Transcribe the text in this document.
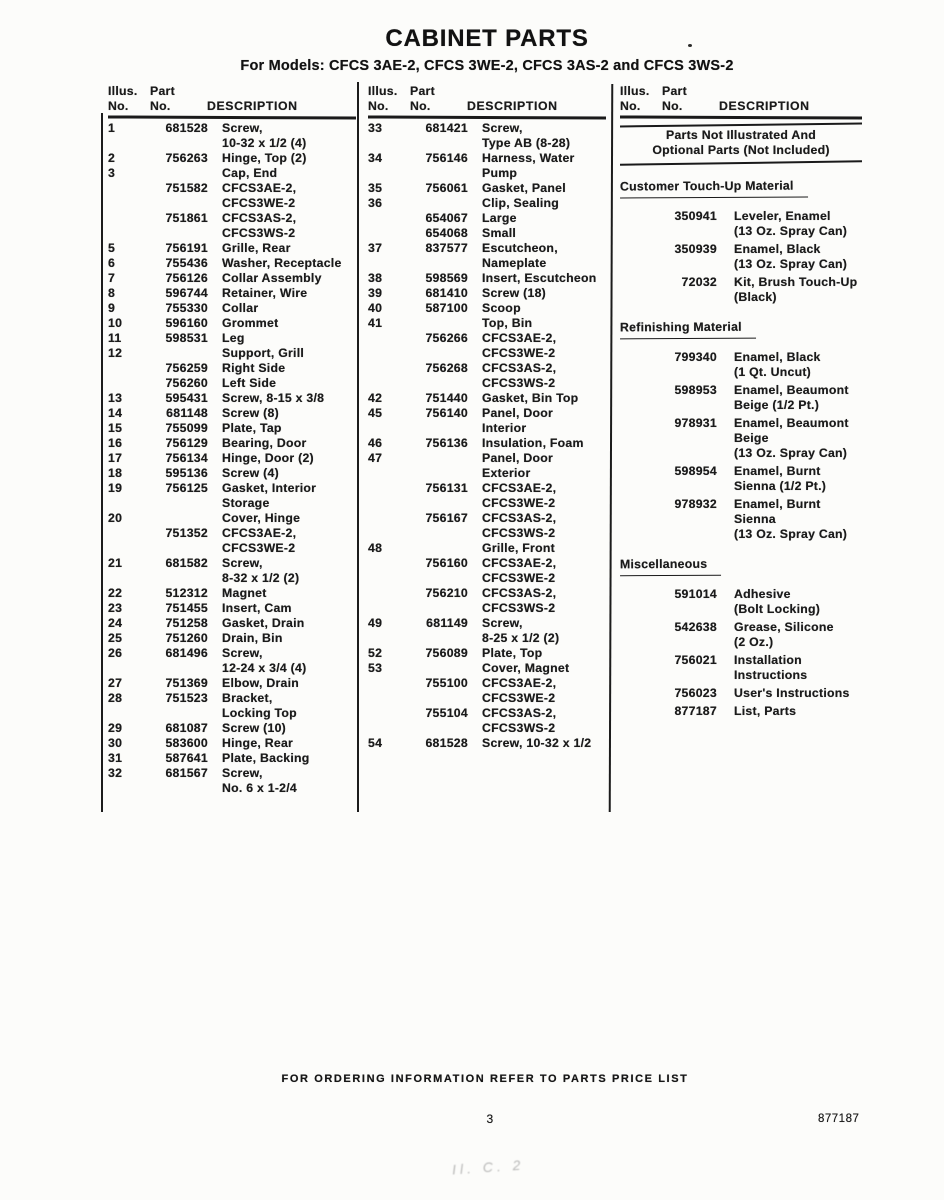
CABINET PARTS
For Models: CFCS 3AE-2, CFCS 3WE-2, CFCS 3AS-2 and CFCS 3WS-2
Illus.	Part
No.	No.	DESCRIPTION
1	681528 Screw,
10-32 x 1/2 (4)
2	756263 Hinge, Top (2)
3	Cap, End
751582 CFCS3AE-2,
CFCS3WE-2
751861 CFCS3AS-2,
CFCS3WS-2
5	756191 Grille, Rear
6	755436 Washer, Receptacle
7	756126 Collar Assembly
8	596744 Retainer, Wire
9	755330 Collar
10	596160 Grommet
11	598531 Leg
12	Support, Grill
756259 Right Side
756260 Left Side
13	595431 Screw, 8-15 x 3/8
14	681148 Screw (8)
15	755099 Plate, Tap
16	756129 Bearing, Door
17	756134 Hinge, Door (2)
18	595136 Screw (4)
19	756125 Gasket, Interior
Storage
20	Cover, Hinge
751352 CFCS3AE-2,
CFCS3WE-2
21	681582 Screw,
8-32 x 1/2 (2)
22	512312 Magnet
23	751455 Insert, Cam
24	751258 Gasket, Drain
25	751260 Drain, Bin
26	681496 Screw,
12-24 x 3/4 (4)
27	751369 Elbow, Drain
28	751523 Bracket,
Locking Top
29	681087 Screw (10)
30	583600 Hinge, Rear
31	587641 Plate, Backing
32	681567 Screw,
No. 6 x 1-2/4
Illus.	Part
No.	No.	DESCRIPTION
33	681421 Screw,
Type AB (8-28)
34	756146 Harness, Water
Pump
35	756061 Gasket, Panel
36	Clip, Sealing
654067 Large
654068 Small
37	837577 Escutcheon,
Nameplate
38	598569 Insert, Escutcheon
39	681410 Screw (18)
40	587100 Scoop
41	Top, Bin
756266 CFCS3AE-2,
CFCS3WE-2
756268 CFCS3AS-2,
CFCS3WS-2
42	751440 Gasket, Bin Top
45	756140 Panel, Door
Interior
46	756136 Insulation, Foam
47	Panel, Door
Exterior
756131 CFCS3AE-2,
CFCS3WE-2
756167 CFCS3AS-2,
CFCS3WS-2
48	Grille, Front
756160 CFCS3AE-2,
CFCS3WE-2
756210 CFCS3AS-2,
CFCS3WS-2
49	681149 Screw,
8-25 x 1/2 (2)
52	756089 Plate, Top
53	Cover, Magnet
755100 CFCS3AE-2,
CFCS3WE-2
755104 CFCS3AS-2,
CFCS3WS-2
54	681528 Screw, 10-32 x 1/2
Illus.	Part
No.	No.	DESCRIPTION
Parts Not Illustrated And
Optional Parts (Not Included)
Customer Touch-Up Material
350941 Leveler, Enamel
(13 Oz. Spray Can)
350939 Enamel, Black
(13 Oz. Spray Can)
72032 Kit, Brush Touch-Up
(Black)
Refinishing Material
799340 Enamel, Black
(1 Qt. Uncut)
598953 Enamel, Beaumont
Beige (1/2 Pt.)
978931 Enamel, Beaumont
Beige
(13 Oz. Spray Can)
598954 Enamel, Burnt
Sienna (1/2 Pt.)
978932 Enamel, Burnt
Sienna
(13 Oz. Spray Can)
Miscellaneous
591014 Adhesive
(Bolt Locking)
542638 Grease, Silicone
(2 Oz.)
756021 Installation
Instructions
756023 User's Instructions
877187 List, Parts
FOR ORDERING INFORMATION REFER TO PARTS PRICE LIST
3	877187
Il. C. 2
